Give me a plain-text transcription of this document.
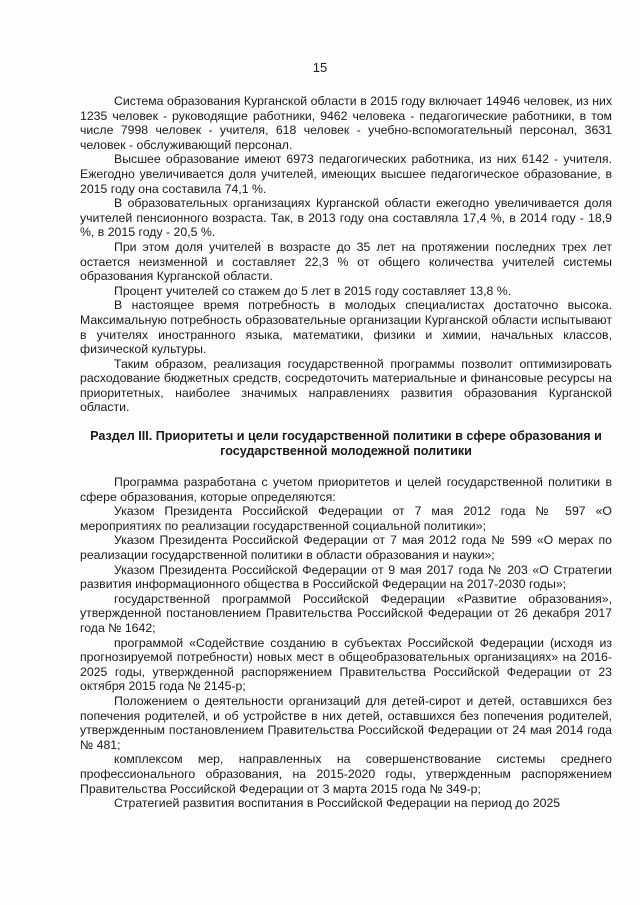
15

Система образования Курганской области в 2015 году включает 14946 человек, из них 1235 человек - руководящие работники, 9462 человека - педагогические работники, в том числе 7998 человек - учителя, 618 человек - учебно-вспомогательный персонал, 3631 человек - обслуживающий персонал.

Высшее образование имеют 6973 педагогических работника, из них 6142 - учителя. Ежегодно увеличивается доля учителей, имеющих высшее педагогическое образование, в 2015 году она составила 74,1 %.

В образовательных организациях Курганской области ежегодно увеличивается доля учителей пенсионного возраста. Так, в 2013 году она составляла 17,4 %, в 2014 году - 18,9 %, в 2015 году - 20,5 %.

При этом доля учителей в возрасте до 35 лет на протяжении последних трех лет остается неизменной и составляет 22,3 % от общего количества учителей системы образования Курганской области.

Процент учителей со стажем до 5 лет в 2015 году составляет 13,8 %.

В настоящее время потребность в молодых специалистах достаточно высока. Максимальную потребность образовательные организации Курганской области испытывают в учителях иностранного языка, математики, физики и химии, начальных классов, физической культуры.

Таким образом, реализация государственной программы позволит оптимизировать расходование бюджетных средств, сосредоточить материальные и финансовые ресурсы на приоритетных, наиболее значимых направлениях развития образования Курганской области.

Раздел III. Приоритеты и цели государственной политики в сфере образования и государственной молодежной политики

Программа разработана с учетом приоритетов и целей государственной политики в сфере образования, которые определяются:

Указом Президента Российской Федерации от 7 мая 2012 года № 597 «О мероприятиях по реализации государственной социальной политики»;

Указом Президента Российской Федерации от 7 мая 2012 года № 599 «О мерах по реализации государственной политики в области образования и науки»;

Указом Президента Российской Федерации от 9 мая 2017 года № 203 «О Стратегии развития информационного общества в Российской Федерации на 2017-2030 годы»;

государственной программой Российской Федерации «Развитие образования», утвержденной постановлением Правительства Российской Федерации от 26 декабря 2017 года № 1642;

программой «Содействие созданию в субъектах Российской Федерации (исходя из прогнозируемой потребности) новых мест в общеобразовательных организациях» на 2016-2025 годы, утвержденной распоряжением Правительства Российской Федерации от 23 октября 2015 года № 2145-р;

Положением о деятельности организаций для детей-сирот и детей, оставшихся без попечения родителей, и об устройстве в них детей, оставшихся без попечения родителей, утвержденным постановлением Правительства Российской Федерации от 24 мая 2014 года № 481;

комплексом мер, направленных на совершенствование системы среднего профессионального образования, на 2015-2020 годы, утвержденным распоряжением Правительства Российской Федерации от 3 марта 2015 года № 349-р;

Стратегией развития воспитания в Российской Федерации на период до 2025
